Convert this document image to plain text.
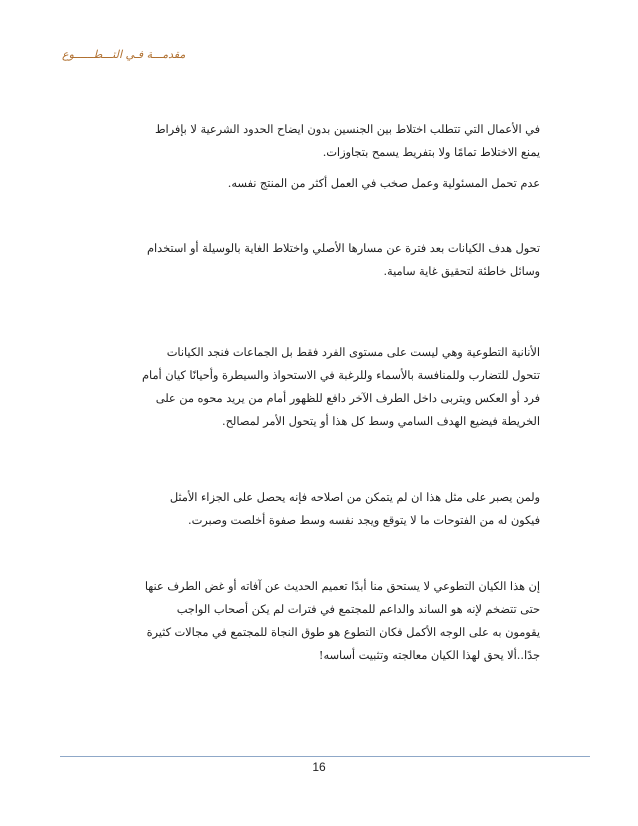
مقدمـــة فـي التـــطــــــوع

في الأعمال التي تتطلب اختلاط بين الجنسين بدون ايضاح الحدود الشرعية لا بإفراط يمنع الاختلاط تمامًا ولا بتفريط يسمح بتجاوزات.

عدم تحمل المسئولية وعمل صخب في العمل أكثر من المنتج نفسه.

تحول هدف الكيانات بعد فترة عن مسارها الأصلي واختلاط الغاية بالوسيلة أو استخدام وسائل خاطئة لتحقيق غاية سامية.

الأنانية التطوعية وهي ليست على مستوى الفرد فقط بل الجماعات فنجد الكيانات تتحول للتضارب وللمنافسة بالأسماء وللرغبة في الاستحواذ والسيطرة وأحيانًا كيان أمام فرد أو العكس ويتربى داخل الطرف الآخر دافع للظهور أمام من يريد محوه من على الخريطة فيضيع الهدف السامي وسط كل هذا أو يتحول الأمر لمصالح.

ولمن يصبر على مثل هذا ان لم يتمكن من اصلاحه فإنه يحصل على الجزاء الأمثل فيكون له من الفتوحات ما لا يتوقع ويجد نفسه وسط صفوة أخلصت وصبرت.

إن هذا الكيان التطوعي لا يستحق منا أبدًا تعميم الحديث عن آفاته أو غض الطرف عنها حتى تتضخم لإنه هو الساند والداعم للمجتمع في فترات لم يكن أصحاب الواجب يقومون به على الوجه الأكمل فكان التطوع هو طوق النجاة للمجتمع في مجالات كثيرة جدًا..ألا يحق لهذا الكيان معالجته وتثبيت أساسه!

16
